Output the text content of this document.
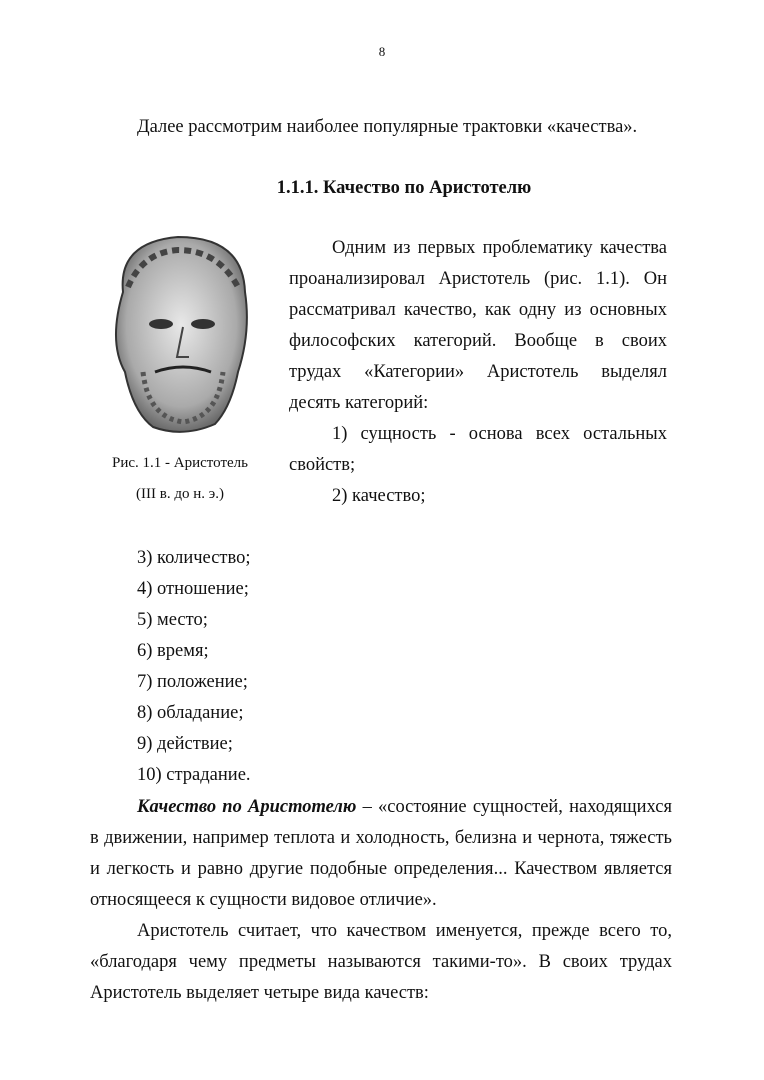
8
Далее рассмотрим наиболее популярные трактовки «качества».
1.1.1. Качество по Аристотелю

Одним из первых проблематику качества проанализировал Аристотель (рис. 1.1). Он рассматривал качество, как одну из основных философских категорий. Вообще в своих трудах «Категории» Аристотель выделял десять категорий:

1) сущность - основа всех остальных свойств;

2) качество;

Рис. 1.1 - Аристотель
(III в. до н. э.)
3) количество;
4) отношение;
5) место;
6) время;
7) положение;
8) обладание;
9) действие;
10) страдание.

Качество по Аристотелю – «состояние сущностей, находящихся в движении, например теплота и холодность, белизна и чернота, тяжесть и легкость и равно другие подобные определения... Качеством является относящееся к сущности видовое отличие».

Аристотель считает, что качеством именуется, прежде всего то, «благодаря чему предметы называются такими-то». В своих трудах Аристотель выделяет четыре вида качеств:
